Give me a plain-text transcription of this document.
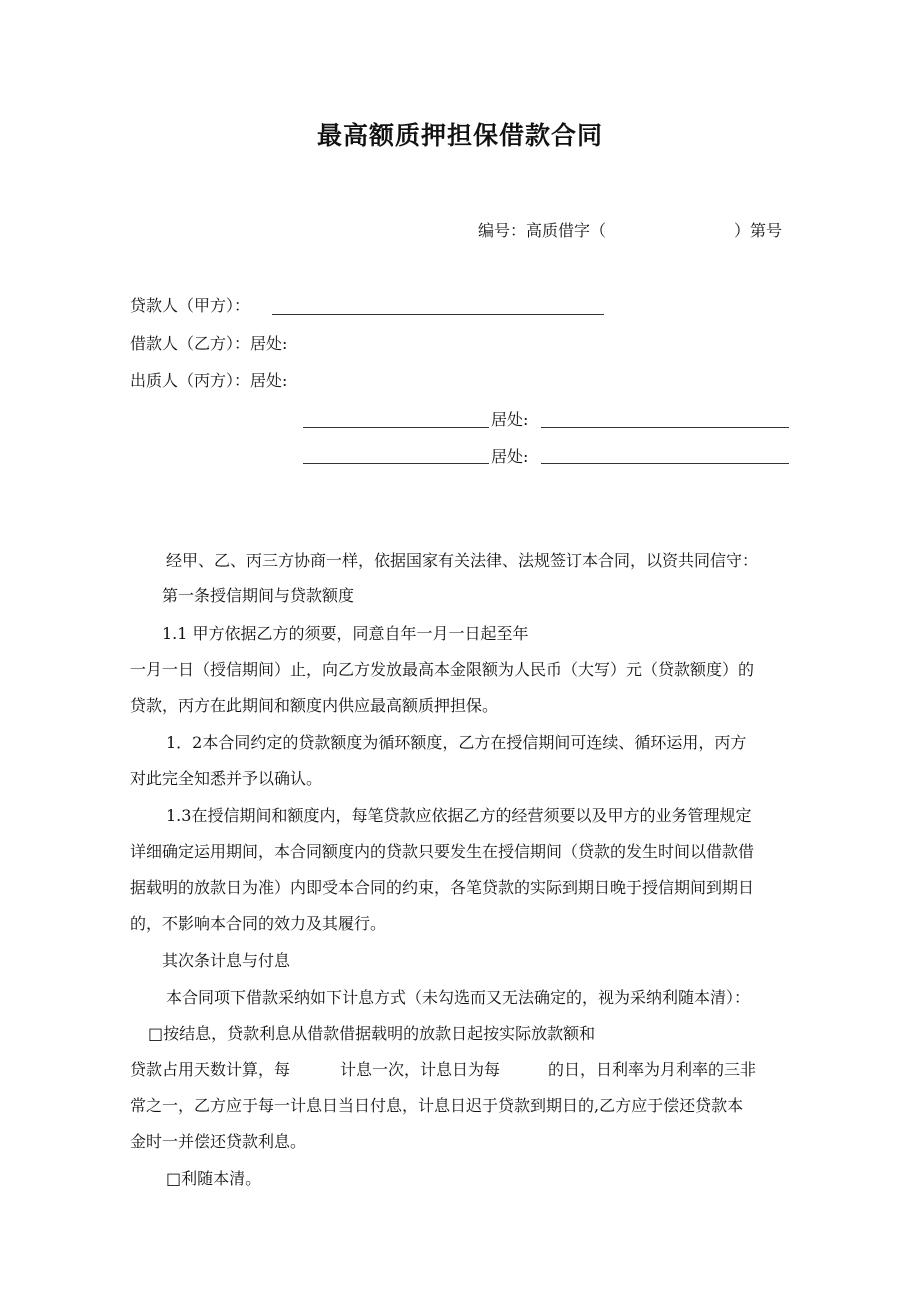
最高额质押担保借款合同
编号：高质借字（	）第号
贷款人（甲方）：
借款人（乙方）：居处:
出质人（丙方）：居处:
居处:
居处:
经甲、乙、丙三方协商一样，依据国家有关法律、法规签订本合同，以资共同信守：
第一条授信期间与贷款额度
1.1 甲方依据乙方的须要，同意自年一月一日起至年
一月一日（授信期间）止，向乙方发放最高本金限额为人民币（大写）元（贷款额度）的
贷款，丙方在此期间和额度内供应最高额质押担保。
1．2本合同约定的贷款额度为循环额度，乙方在授信期间可连续、循环运用，丙方
对此完全知悉并予以确认。
1.3在授信期间和额度内，每笔贷款应依据乙方的经营须要以及甲方的业务管理规定
详细确定运用期间，本合同额度内的贷款只要发生在授信期间（贷款的发生时间以借款借
据载明的放款日为准）内即受本合同的约束，各笔贷款的实际到期日晚于授信期间到期日
的，不影响本合同的效力及其履行。
其次条计息与付息
本合同项下借款采纳如下计息方式（未勾选而又无法确定的，视为采纳利随本清）：
□按结息，贷款利息从借款借据载明的放款日起按实际放款额和
贷款占用天数计算，每	计息一次，计息日为每	的日，日利率为月利率的三非
常之一，乙方应于每一计息日当日付息，计息日迟于贷款到期日的,乙方应于偿还贷款本
金时一并偿还贷款利息。
□利随本清。
